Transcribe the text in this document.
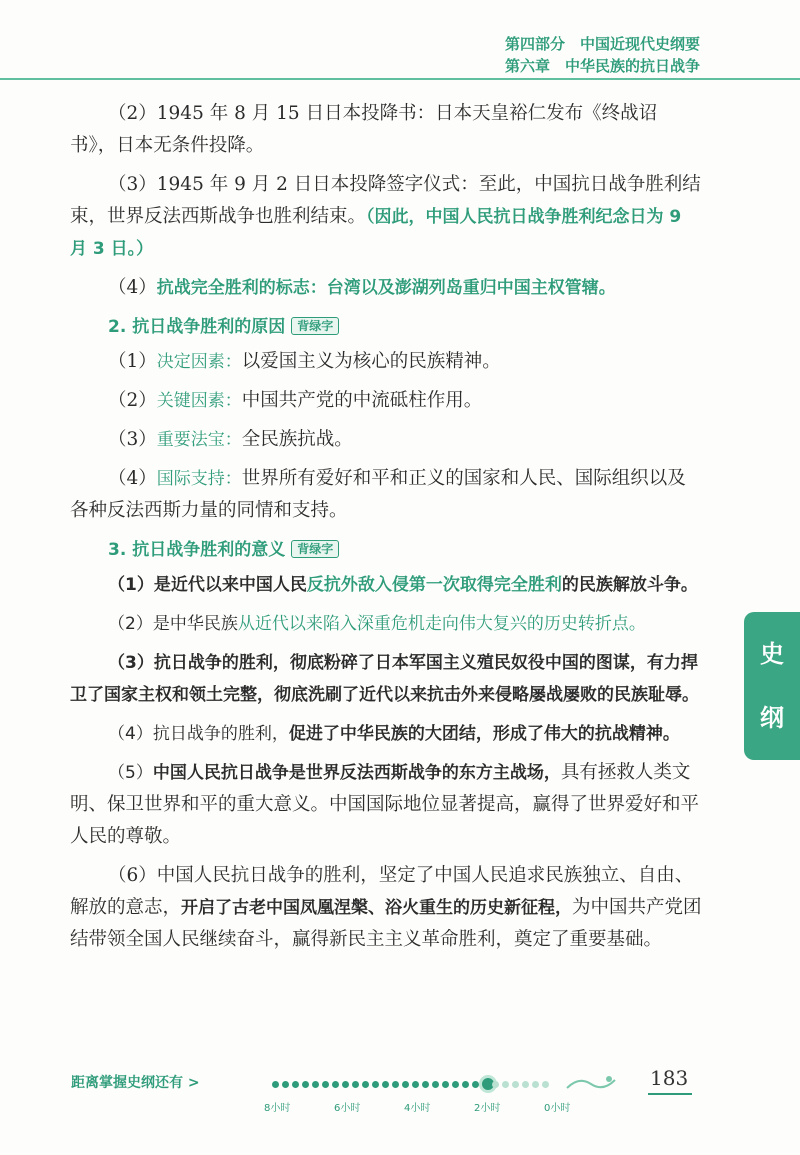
第四部分　中国近现代史纲要
第六章　中华民族的抗日战争

（2）1945 年 8 月 15 日日本投降书：日本天皇裕仁发布《终战诏书》，日本无条件投降。

（3）1945 年 9 月 2 日日本投降签字仪式：至此，中国抗日战争胜利结束，世界反法西斯战争也胜利结束。（因此，中国人民抗日战争胜利纪念日为 9 月 3 日。）

（4）抗战完全胜利的标志：台湾以及澎湖列岛重归中国主权管辖。

2. 抗日战争胜利的原因 背绿字

（1）决定因素：以爱国主义为核心的民族精神。

（2）关键因素：中国共产党的中流砥柱作用。

（3）重要法宝：全民族抗战。

（4）国际支持：世界所有爱好和平和正义的国家和人民、国际组织以及各种反法西斯力量的同情和支持。

3. 抗日战争胜利的意义 背绿字

（1）是近代以来中国人民反抗外敌入侵第一次取得完全胜利的民族解放斗争。

（2）是中华民族从近代以来陷入深重危机走向伟大复兴的历史转折点。

（3）抗日战争的胜利，彻底粉碎了日本军国主义殖民奴役中国的图谋，有力捍卫了国家主权和领土完整，彻底洗刷了近代以来抗击外来侵略屡战屡败的民族耻辱。

（4）抗日战争的胜利，促进了中华民族的大团结，形成了伟大的抗战精神。

（5）中国人民抗日战争是世界反法西斯战争的东方主战场，具有拯救人类文明、保卫世界和平的重大意义。中国国际地位显著提高，赢得了世界爱好和平人民的尊敬。

（6）中国人民抗日战争的胜利，坚定了中国人民追求民族独立、自由、解放的意志，开启了古老中国凤凰涅槃、浴火重生的历史新征程，为中国共产党团结带领全国人民继续奋斗，赢得新民主主义革命胜利，奠定了重要基础。

史
纲
距离掌握史纲还有 >	183
8小时	6小时	4小时	2小时	0小时
